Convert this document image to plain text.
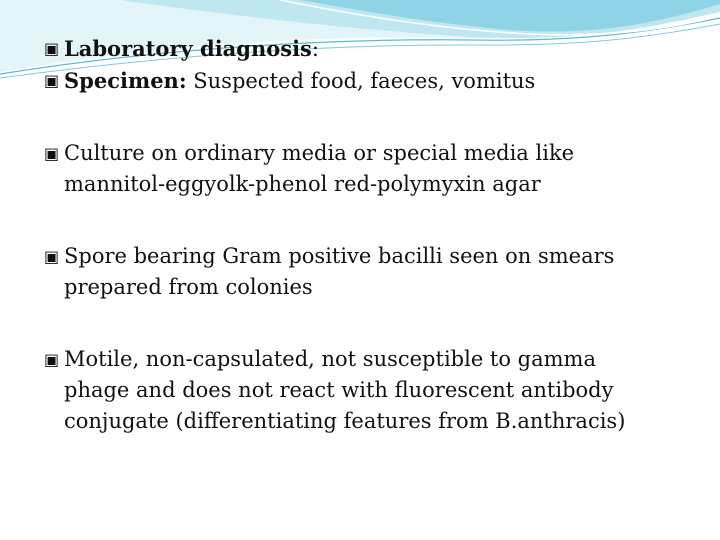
▣ Laboratory diagnosis:
▣ Specimen: Suspected food, faeces, vomitus
▣ Culture on ordinary media or special media like
mannitol-eggyolk-phenol red-polymyxin agar
▣ Spore bearing Gram positive bacilli seen on smears
prepared from colonies
▣ Motile, non-capsulated, not susceptible to gamma
phage and does not react with fluorescent antibody
conjugate (differentiating features from B.anthracis)
